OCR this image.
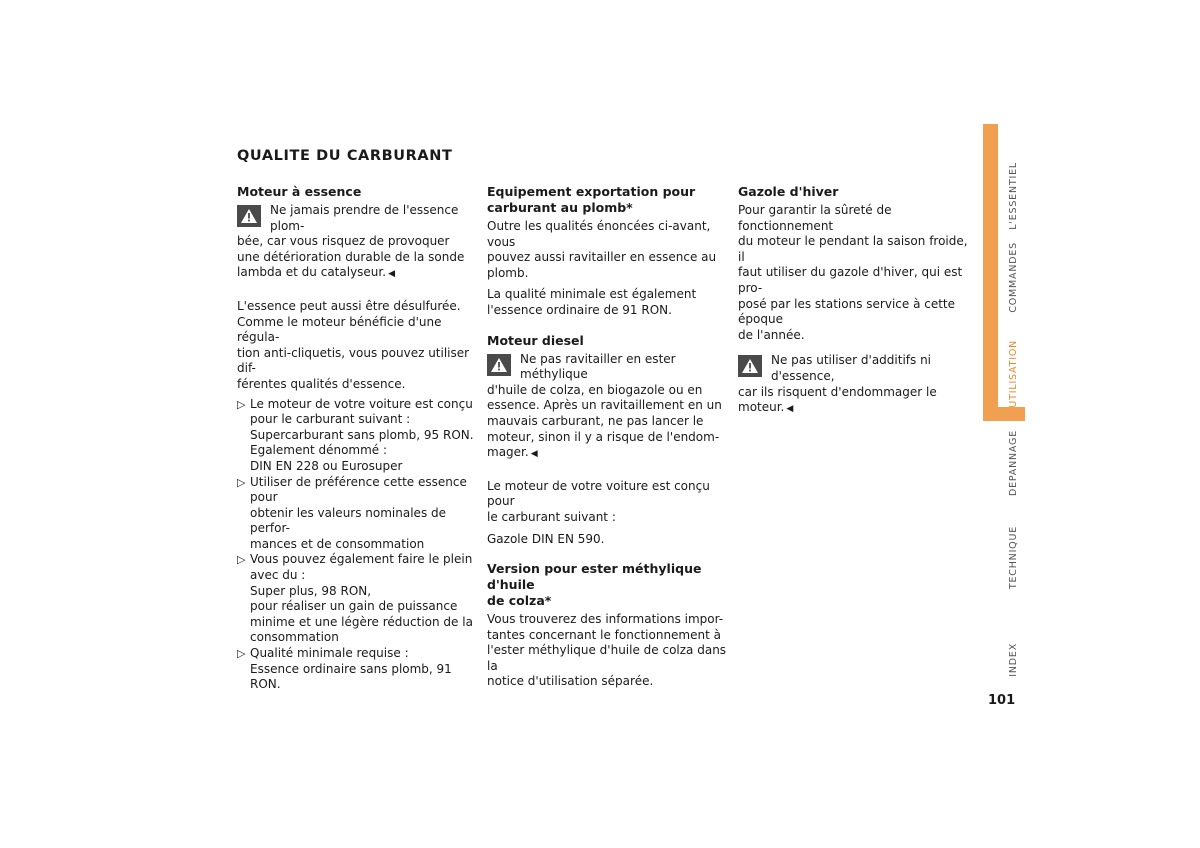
QUALITE DU CARBURANT
Moteur à essence
Ne jamais prendre de l'essence plom-
bée, car vous risquez de provoquer
une détérioration durable de la sonde
lambda et du catalyseur. ◀

L'essence peut aussi être désulfurée.
Comme le moteur bénéficie d'une régula-
tion anti-cliquetis, vous pouvez utiliser dif-
férentes qualités d'essence.

▷ Le moteur de votre voiture est conçu
pour le carburant suivant :
Supercarburant sans plomb, 95 RON.
Egalement dénommé :
DIN EN 228 ou Eurosuper
▷ Utiliser de préférence cette essence pour
obtenir les valeurs nominales de perfor-
mances et de consommation
▷ Vous pouvez également faire le plein
avec du :
Super plus, 98 RON,
pour réaliser un gain de puissance
minime et une légère réduction de la
consommation
▷ Qualité minimale requise :
Essence ordinaire sans plomb, 91 RON.
Equipement exportation pour
carburant au plomb*

Outre les qualités énoncées ci-avant, vous
pouvez aussi ravitailler en essence au
plomb.

La qualité minimale est également
l'essence ordinaire de 91 RON.

Moteur diesel
Ne pas ravitailler en ester méthylique
d'huile de colza, en biogazole ou en
essence. Après un ravitaillement en un
mauvais carburant, ne pas lancer le
moteur, sinon il y a risque de l'endom-
mager. ◀

Le moteur de votre voiture est conçu pour
le carburant suivant :

Gazole DIN EN 590.

Version pour ester méthylique d'huile
de colza*

Vous trouverez des informations impor-
tantes concernant le fonctionnement à
l'ester méthylique d'huile de colza dans la
notice d'utilisation séparée.

Gazole d'hiver

Pour garantir la sûreté de fonctionnement
du moteur le pendant la saison froide, il
faut utiliser du gazole d'hiver, qui est pro-
posé par les stations service à cette époque
de l'année.

Ne pas utiliser d'additifs ni d'essence,
car ils risquent d'endommager le
moteur. ◀
L'ESSENTIEL
COMMANDES
UTILISATION
DEPANNAGE
TECHNIQUE
INDEX
101
